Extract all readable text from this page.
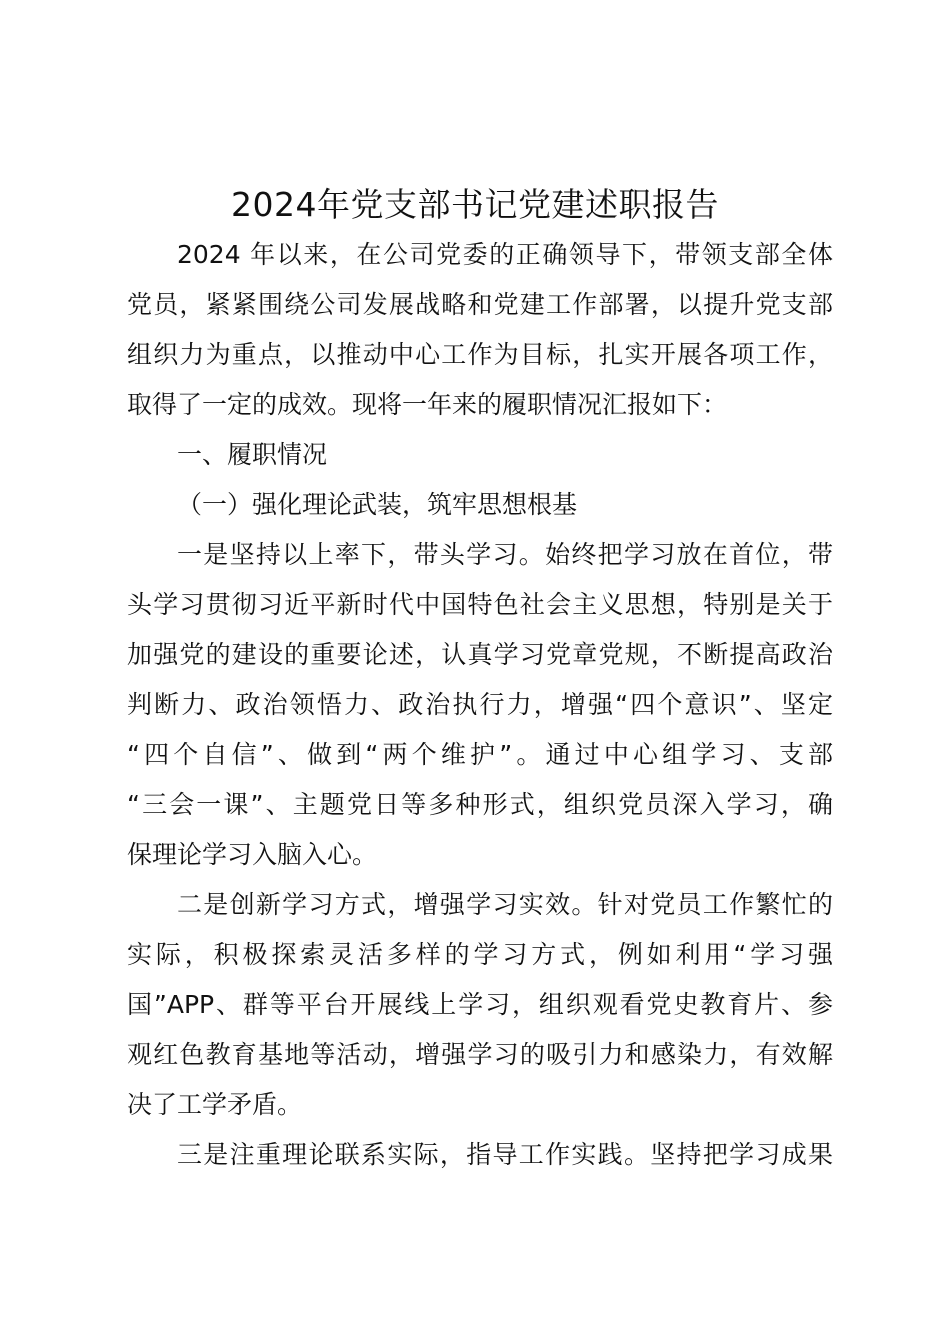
2024年党支部书记党建述职报告
2024 年以来，在公司党委的正确领导下，带领支部全体
党员，紧紧围绕公司发展战略和党建工作部署，以提升党支部
组织力为重点，以推动中心工作为目标，扎实开展各项工作，
取得了一定的成效。现将一年来的履职情况汇报如下：
一、履职情况
（一）强化理论武装，筑牢思想根基
一是坚持以上率下，带头学习。始终把学习放在首位，带
头学习贯彻习近平新时代中国特色社会主义思想，特别是关于
加强党的建设的重要论述，认真学习党章党规，不断提高政治
判断力、政治领悟力、政治执行力，增强“四个意识”、坚定
“四个自信”、做到“两个维护”。通过中心组学习、支部
“三会一课”、主题党日等多种形式，组织党员深入学习，确
保理论学习入脑入心。
二是创新学习方式，增强学习实效。针对党员工作繁忙的
实际，积极探索灵活多样的学习方式，例如利用“学习强
国”APP、群等平台开展线上学习，组织观看党史教育片、参
观红色教育基地等活动，增强学习的吸引力和感染力，有效解
决了工学矛盾。
三是注重理论联系实际，指导工作实践。坚持把学习成果
